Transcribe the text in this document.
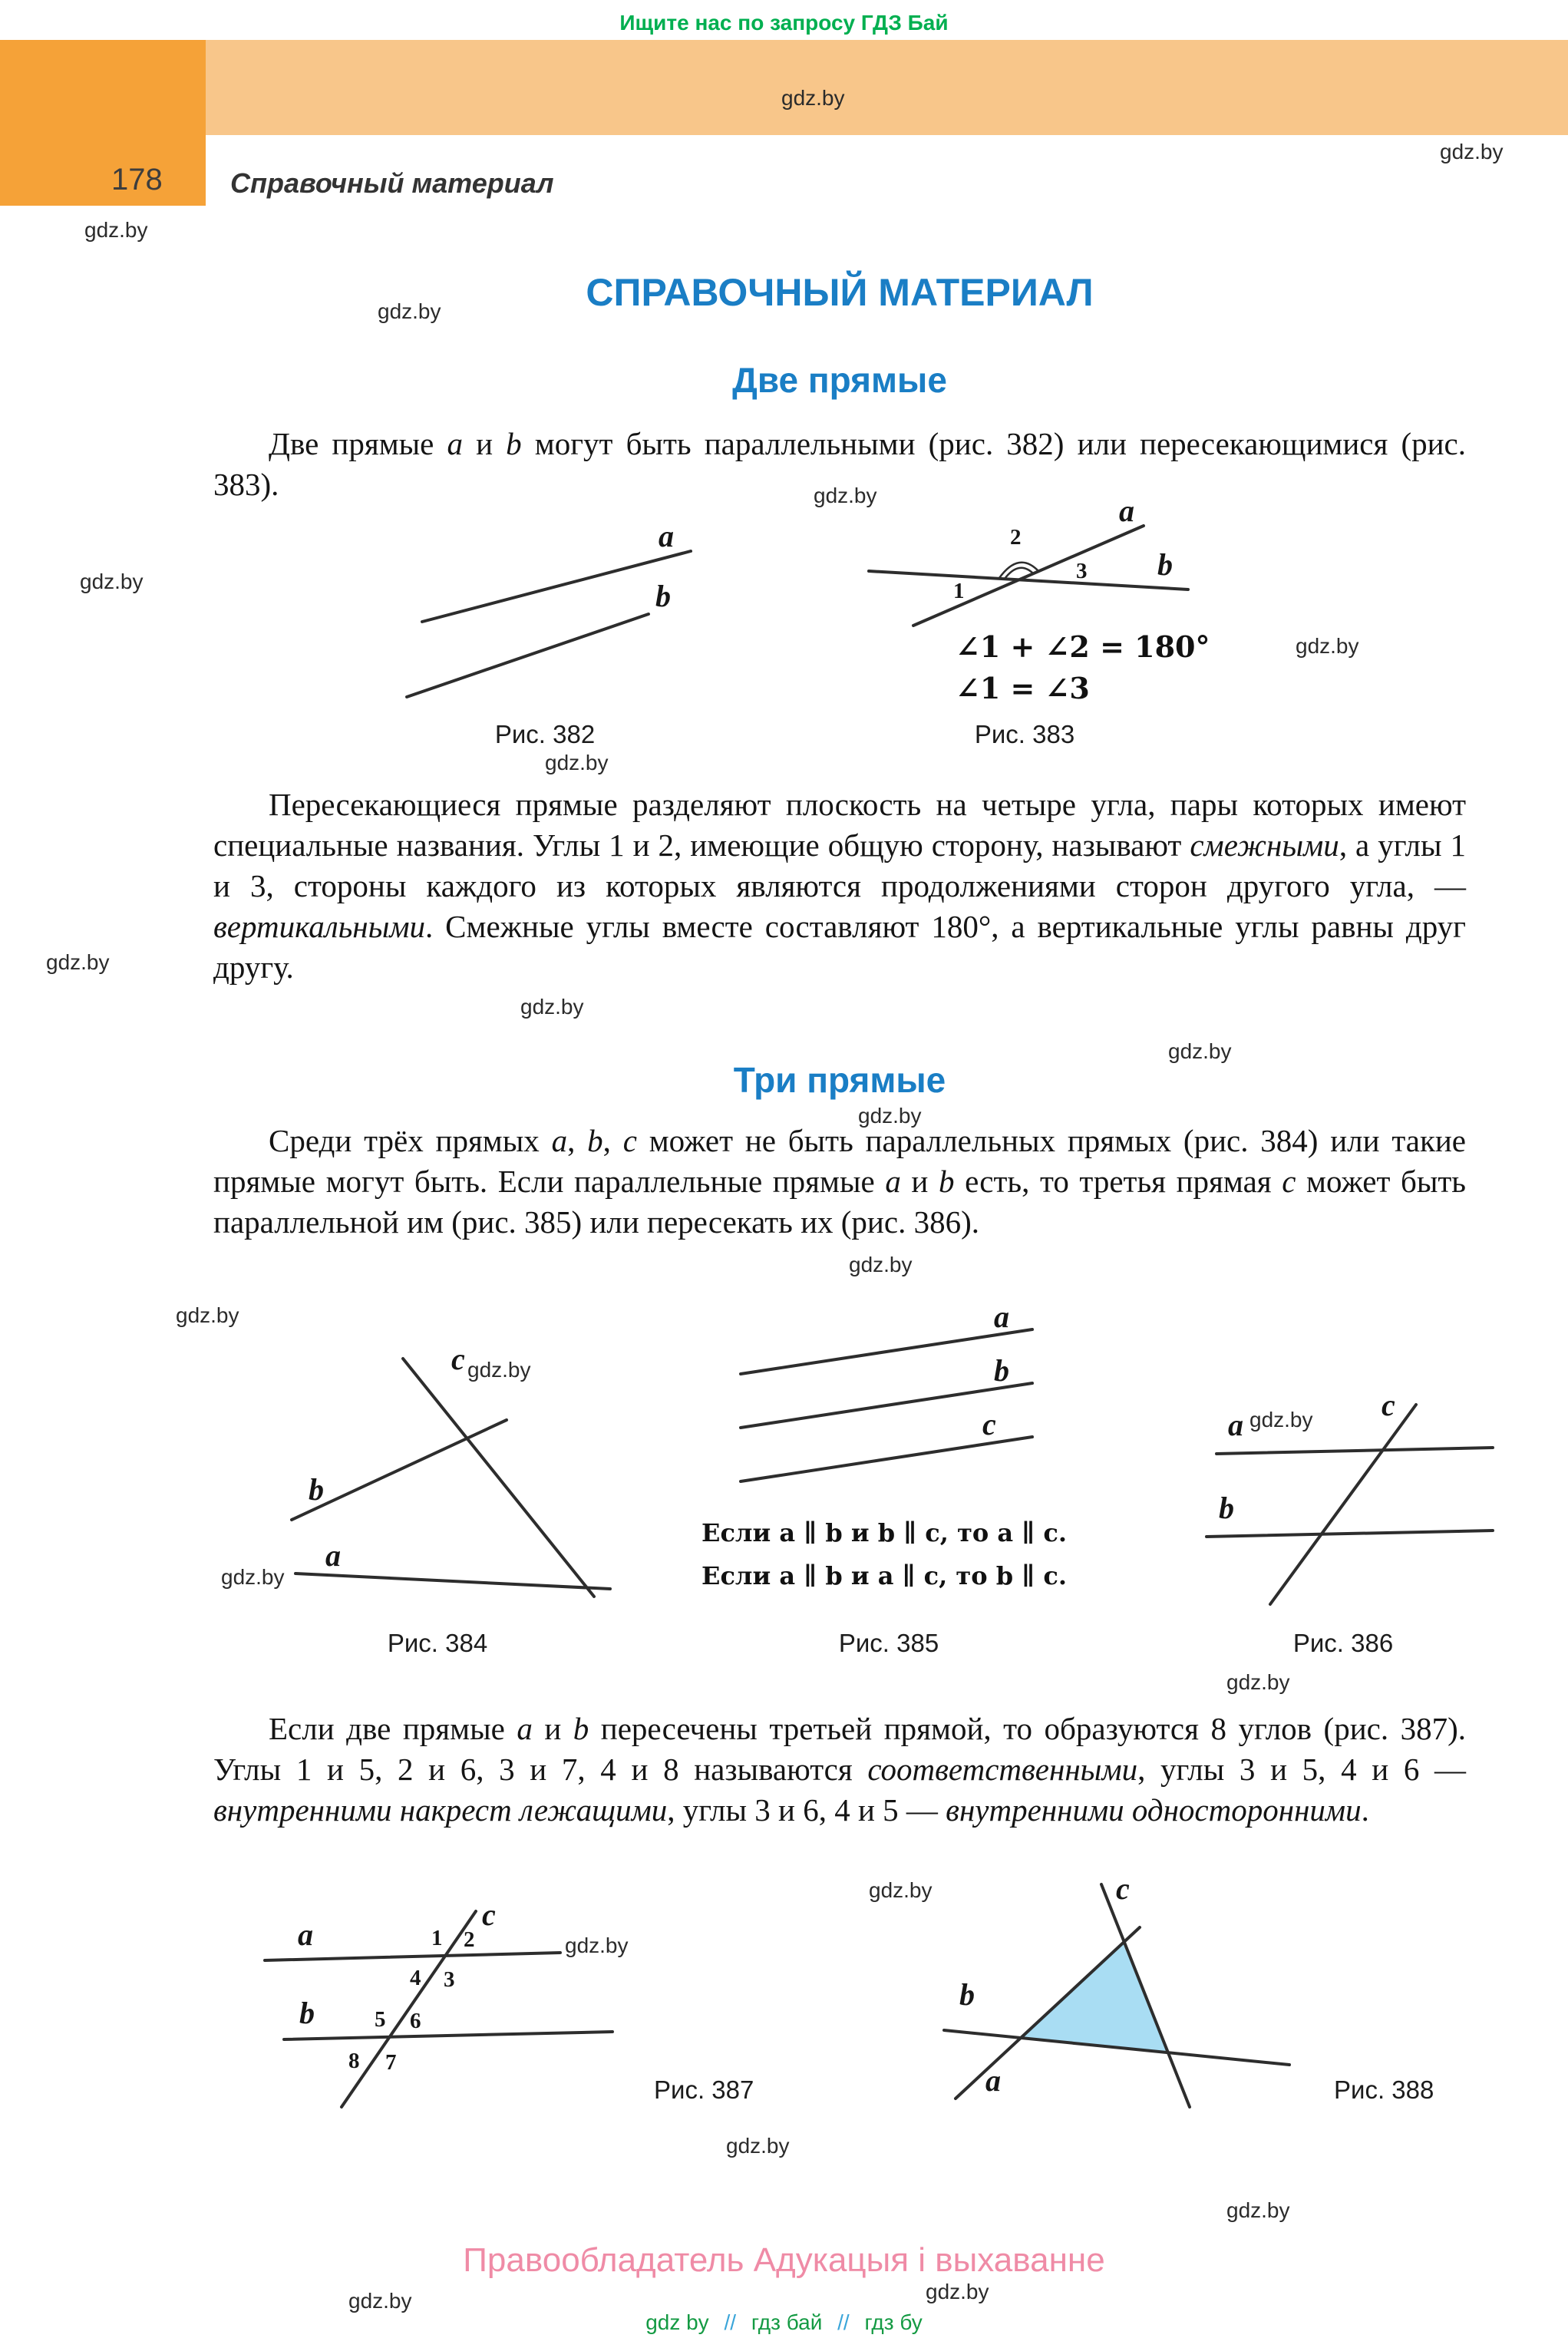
Ищите нас по запросу ГДЗ Бай
178 Справочный материал
gdz.by
gdz.by
gdz.by
gdz.by
gdz.by
gdz.by
gdz.by
gdz.by
gdz.by
gdz.by
gdz.by
gdz.by
gdz.by
gdz.by
gdz.by
gdz.by
gdz.by
gdz.by
gdz.by
gdz.by
gdz.by
gdz.by
gdz.by
gdz.by
СПРАВОЧНЫЙ МАТЕРИАЛ
Две прямые

Две прямые a и b могут быть параллельными (рис. 382) или пересекающимися (рис. 383).

a
b
Рис. 382
a
b
1
2
3
∠1 + ∠2 = 180°
∠1 = ∠3
Рис. 383

Пересекающиеся прямые разделяют плоскость на четыре угла, пары которых имеют специальные названия. Углы 1 и 2, имеющие общую сторону, называют смежными, а углы 1 и 3, стороны каждого из которых являются продолжениями сторон другого угла, — вертикальными. Смежные углы вместе составляют 180°, а вертикальные углы равны друг другу.

Три прямые

Среди трёх прямых a, b, c может не быть параллельных прямых (рис. 384) или такие прямые могут быть. Если параллельные прямые a и b есть, то третья прямая c может быть параллельной им (рис. 385) или пересекать их (рис. 386).

c
b
a
Рис. 384
a
b
c
Если a ∥ b и b ∥ c, то a ∥ c.
Если a ∥ b и a ∥ c, то b ∥ c.
Рис. 385
a
b
c
Рис. 386

Если две прямые a и b пересечены третьей прямой, то образуются 8 углов (рис. 387). Углы 1 и 5, 2 и 6, 3 и 7, 4 и 8 называются соответственными, углы 3 и 5, 4 и 6 — внутренними накрест лежащими, углы 3 и 6, 4 и 5 — внутренними односторонними.

a
b
c
1 2
3
4
5 6
7
8
Рис. 387
c
b
a	Рис. 388
Правообладатель Адукацыя і выхаванне
gdz by // гдз бай // гдз бу
